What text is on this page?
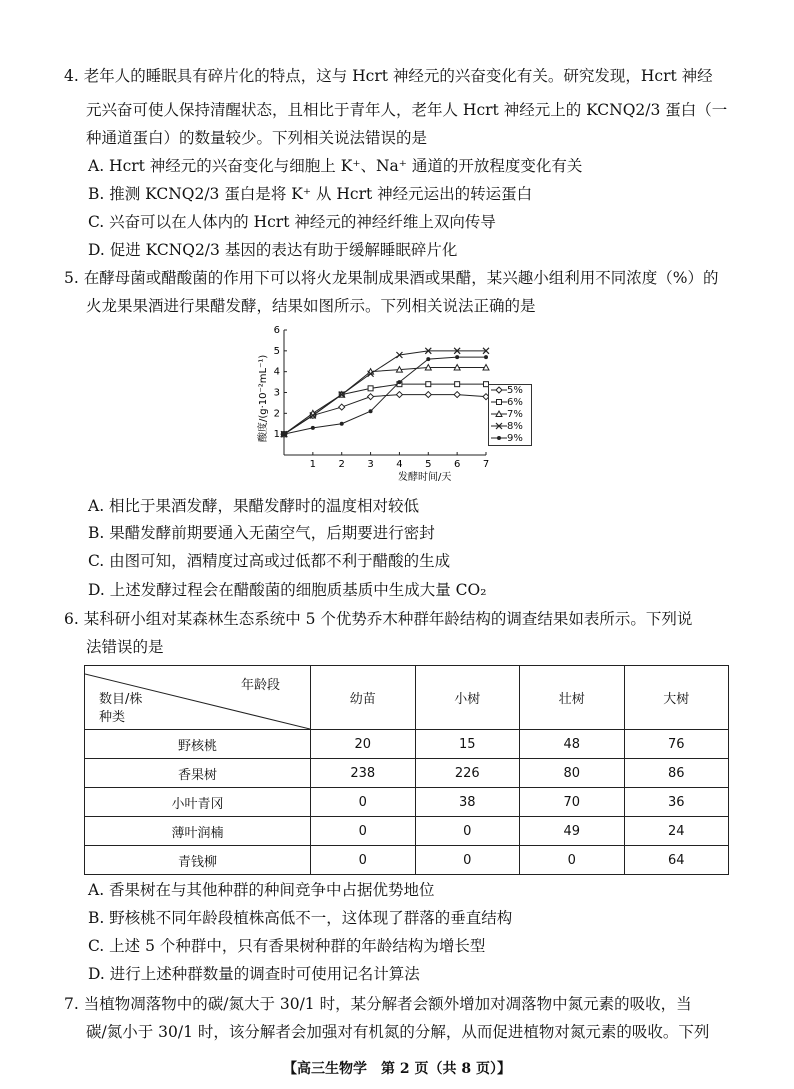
4. 老年人的睡眠具有碎片化的特点，这与 Hcrt 神经元的兴奋变化有关。研究发现，Hcrt 神经
元兴奋可使人保持清醒状态，且相比于青年人，老年人 Hcrt 神经元上的 KCNQ2/3 蛋白（一
种通道蛋白）的数量较少。下列相关说法错误的是
A. Hcrt 神经元的兴奋变化与细胞上 K⁺、Na⁺ 通道的开放程度变化有关
B. 推测 KCNQ2/3 蛋白是将 K⁺ 从 Hcrt 神经元运出的转运蛋白
C. 兴奋可以在人体内的 Hcrt 神经元的神经纤维上双向传导
D. 促进 KCNQ2/3 基因的表达有助于缓解睡眠碎片化
5. 在酵母菌或醋酸菌的作用下可以将火龙果制成果酒或果醋，某兴趣小组利用不同浓度（%）的
火龙果果酒进行果醋发酵，结果如图所示。下列相关说法正确的是
1 2 3 4 5 6 7
1
2
3
4
5
6
酸度/(g·10⁻²mL⁻¹)
发酵时间/天
5%
6%
7%
8%
9%
A. 相比于果酒发酵，果醋发酵时的温度相对较低
B. 果醋发酵前期要通入无菌空气，后期要进行密封
C. 由图可知，酒精度过高或过低都不利于醋酸的生成
D. 上述发酵过程会在醋酸菌的细胞质基质中生成大量 CO₂
6. 某科研小组对某森林生态系统中 5 个优势乔木种群年龄结构的调查结果如表所示。下列说
法错误的是
年龄段
数目/株
种类	幼苗	小树	壮树	大树
野核桃	20	15	48	76
香果树	238	226	80	86
小叶青冈	0	38	70	36
薄叶润楠	0	0	49	24
青钱柳	0	0	0	64
A. 香果树在与其他种群的种间竞争中占据优势地位
B. 野核桃不同年龄段植株高低不一，这体现了群落的垂直结构
C. 上述 5 个种群中，只有香果树种群的年龄结构为增长型
D. 进行上述种群数量的调查时可使用记名计算法
7. 当植物凋落物中的碳/氮大于 30/1 时，某分解者会额外增加对凋落物中氮元素的吸收，当
碳/氮小于 30/1 时，该分解者会加强对有机氮的分解，从而促进植物对氮元素的吸收。下列
【高三生物学　第 2 页（共 8 页）】
